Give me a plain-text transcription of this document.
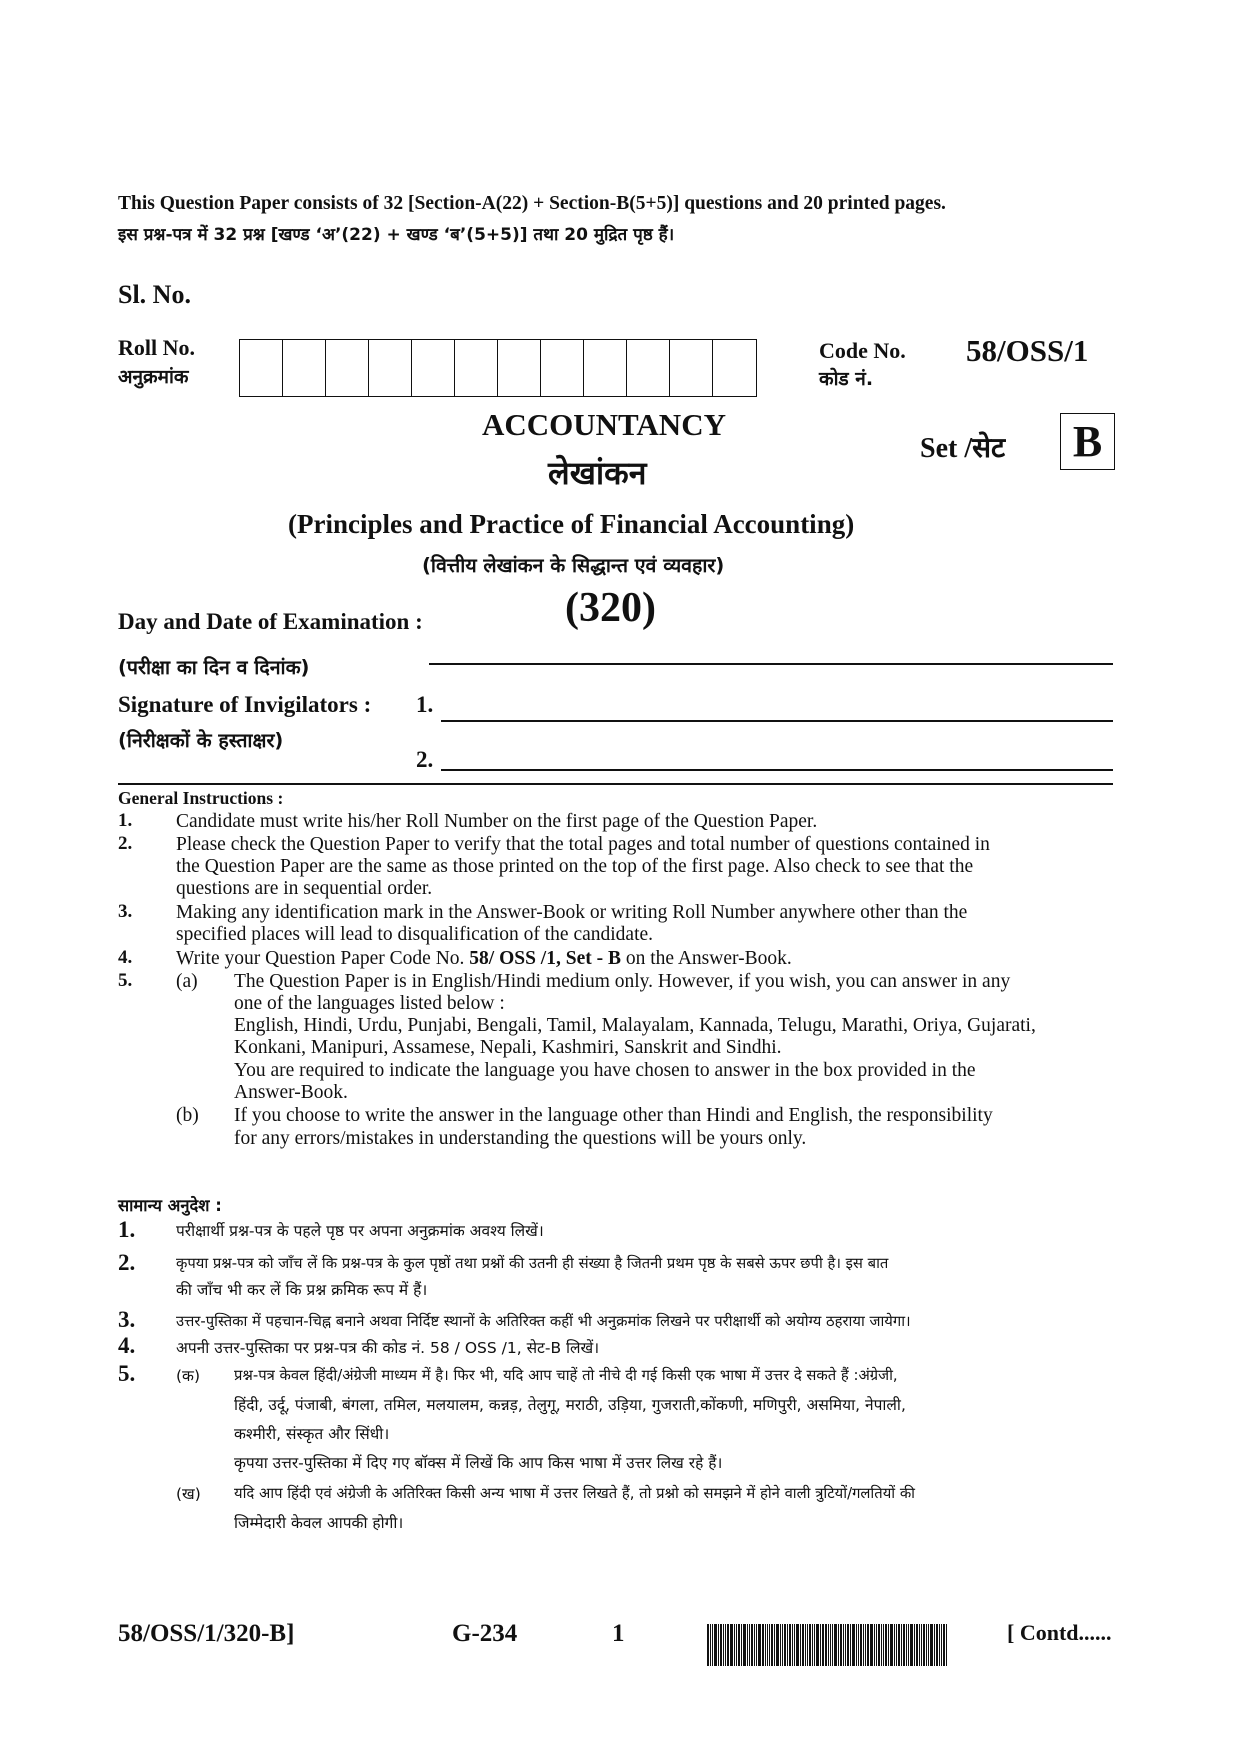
This Question Paper consists of 32 [Section-A(22) + Section-B(5+5)] questions and 20 printed pages.
इस प्रश्न-पत्र में 32 प्रश्न [खण्ड ‘अ’(22) + खण्ड ‘ब’(5+5)] तथा 20 मुद्रित पृष्ठ हैं।
Sl. No.
Roll No.
अनुक्रमांक
Code No.
कोड नं.
58/OSS/1
ACCOUNTANCY
लेखांकन
Set /सेट B
(Principles and Practice of Financial Accounting)
(वित्तीय लेखांकन के सिद्धान्त एवं व्यवहार)
(320)
Day and Date of Examination :
(परीक्षा का दिन व दिनांक)
Signature of Invigilators : 1.
(निरीक्षकों के हस्ताक्षर)
2.
General Instructions :
1. Candidate must write his/her Roll Number on the first page of the Question Paper.
2. Please check the Question Paper to verify that the total pages and total number of questions contained in
the Question Paper are the same as those printed on the top of the first page. Also check to see that the
questions are in sequential order.
3. Making any identification mark in the Answer-Book or writing Roll Number anywhere other than the
specified places will lead to disqualification of the candidate.
4. Write your Question Paper Code No. 58/ OSS /1, Set - B on the Answer-Book.
5. (a) The Question Paper is in English/Hindi medium only. However, if you wish, you can answer in any
one of the languages listed below :
English, Hindi, Urdu, Punjabi, Bengali, Tamil, Malayalam, Kannada, Telugu, Marathi, Oriya, Gujarati,
Konkani, Manipuri, Assamese, Nepali, Kashmiri, Sanskrit and Sindhi.
You are required to indicate the language you have chosen to answer in the box provided in the
Answer-Book.
(b) If you choose to write the answer in the language other than Hindi and English, the responsibility
for any errors/mistakes in understanding the questions will be yours only.
सामान्य अनुदेश :
1.	परीक्षार्थी प्रश्न-पत्र के पहले पृष्ठ पर अपना अनुक्रमांक अवश्य लिखें।
2.	कृपया प्रश्न-पत्र को जाँच लें कि प्रश्न-पत्र के कुल पृष्ठों तथा प्रश्नों की उतनी ही संख्या है जितनी प्रथम पृष्ठ के सबसे ऊपर छपी है। इस बात
की जाँच भी कर लें कि प्रश्न क्रमिक रूप में हैं।
3.	उत्तर-पुस्तिका में पहचान-चिह्न बनाने अथवा निर्दिष्ट स्थानों के अतिरिक्त कहीं भी अनुक्रमांक लिखने पर परीक्षार्थी को अयोग्य ठहराया जायेगा।
4.	अपनी उत्तर-पुस्तिका पर प्रश्न-पत्र की कोड नं. 58 / OSS /1, सेट-B लिखें।
5.	(क) प्रश्न-पत्र केवल हिंदी/अंग्रेजी माध्यम में है। फिर भी, यदि आप चाहें तो नीचे दी गई किसी एक भाषा में उत्तर दे सकते हैं :अंग्रेजी,
हिंदी, उर्दू, पंजाबी, बंगला, तमिल, मलयालम, कन्नड़, तेलुगू, मराठी, उड़िया, गुजराती,कोंकणी, मणिपुरी, असमिया, नेपाली,
कश्मीरी, संस्कृत और सिंधी।
कृपया उत्तर-पुस्तिका में दिए गए बॉक्स में लिखें कि आप किस भाषा में उत्तर लिख रहे हैं।
(ख) यदि आप हिंदी एवं अंग्रेजी के अतिरिक्त किसी अन्य भाषा में उत्तर लिखते हैं, तो प्रश्नो को समझने में होने वाली त्रुटियों/गलतियों की
जिम्मेदारी केवल आपकी होगी।
58/OSS/1/320-B]	G-234	1	[ Contd......
